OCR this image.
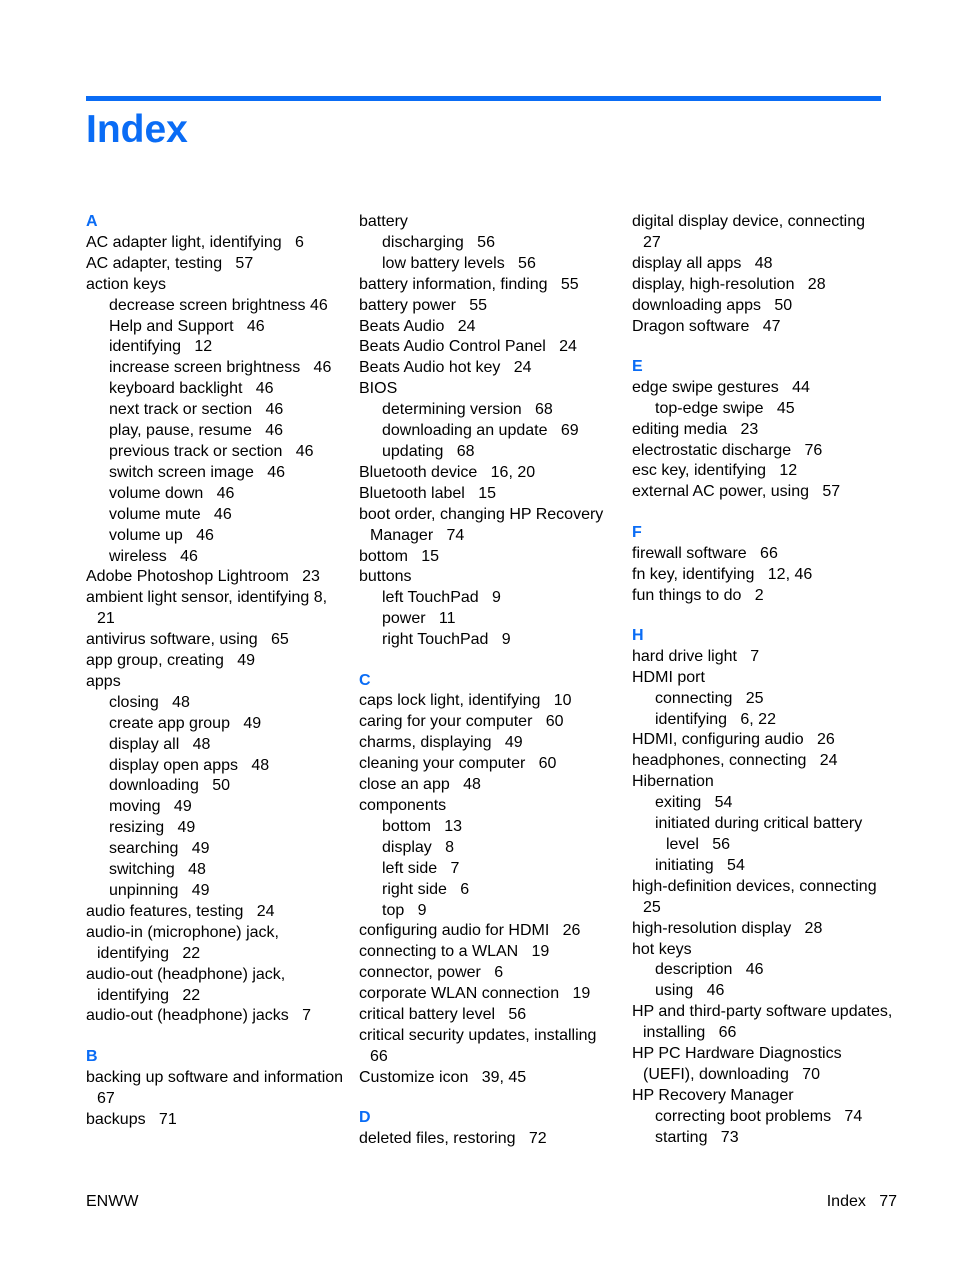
Index
A
AC adapter light, identifying   6
AC adapter, testing   57
action keys
decrease screen brightness 46
Help and Support   46
identifying   12
increase screen brightness   46
keyboard backlight   46
next track or section   46
play, pause, resume   46
previous track or section   46
switch screen image   46
volume down   46
volume mute   46
volume up   46
wireless   46
Adobe Photoshop Lightroom   23
ambient light sensor, identifying 8, 21
antivirus software, using   65
app group, creating   49
apps
closing   48
create app group   49
display all   48
display open apps   48
downloading   50
moving   49
resizing   49
searching   49
switching   48
unpinning   49
audio features, testing   24
audio-in (microphone) jack, identifying   22
audio-out (headphone) jack, identifying   22
audio-out (headphone) jacks   7
B
backing up software and information   67
backups   71
battery
discharging   56
low battery levels   56
battery information, finding   55
battery power   55
Beats Audio   24
Beats Audio Control Panel   24
Beats Audio hot key   24
BIOS
determining version   68
downloading an update   69
updating   68
Bluetooth device   16, 20
Bluetooth label   15
boot order, changing HP Recovery Manager   74
bottom   15
buttons
left TouchPad   9
power   11
right TouchPad   9
C
caps lock light, identifying   10
caring for your computer   60
charms, displaying   49
cleaning your computer   60
close an app   48
components
bottom   13
display   8
left side   7
right side   6
top   9
configuring audio for HDMI   26
connecting to a WLAN   19
connector, power   6
corporate WLAN connection   19
critical battery level   56
critical security updates, installing   66
Customize icon   39, 45
D
deleted files, restoring   72
digital display device, connecting   27
display all apps   48
display, high-resolution   28
downloading apps   50
Dragon software   47
E
edge swipe gestures   44
top-edge swipe   45
editing media   23
electrostatic discharge   76
esc key, identifying   12
external AC power, using   57
F
firewall software   66
fn key, identifying   12, 46
fun things to do   2
H
hard drive light   7
HDMI port
connecting   25
identifying   6, 22
HDMI, configuring audio   26
headphones, connecting   24
Hibernation
exiting   54
initiated during critical battery level   56
initiating   54
high-definition devices, connecting   25
high-resolution display   28
hot keys
description   46
using   46
HP and third-party software updates, installing   66
HP PC Hardware Diagnostics (UEFI), downloading   70
HP Recovery Manager
correcting boot problems   74
starting   73
ENWW	Index   77
